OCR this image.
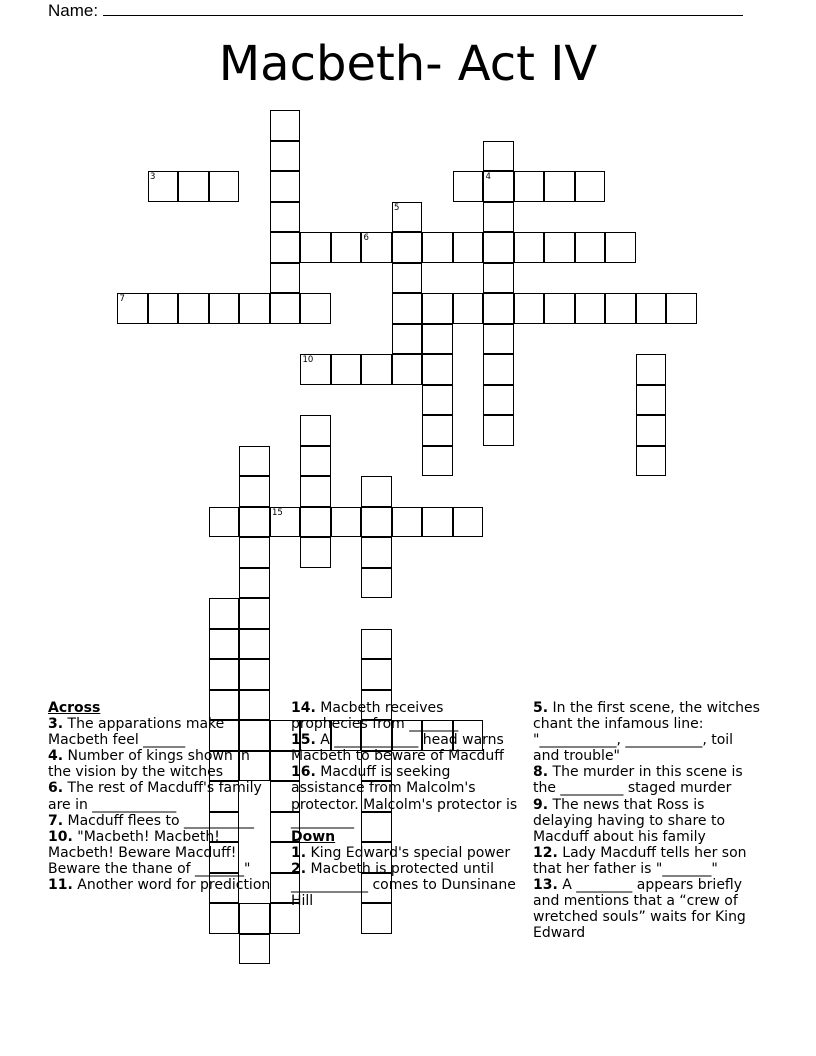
Name:
Macbeth- Act IV
3	4
5
6
7
10
15

Across

3. The apparations make Macbeth feel ______

4. Number of kings shown in the vision by the witches

6. The rest of Macduff's family are in ____________

7. Macduff flees to __________

10. "Macbeth! Macbeth! Macbeth! Beware Macduff! Beware the thane of _______"

11. Another word for prediction

14. Macbeth receives prophecies from _______

15. A ____________ head warns Macbeth to beware of Macduff

16. Macduff is seeking assistance from Malcolm's protector. Malcolm's protector is _________

Down

1. King Edward's special power

2. Macbeth is protected until ___________ comes to Dunsinane Hill

5. In the first scene, the witches chant the infamous line: "___________, ___________, toil and trouble"

8. The murder in this scene is the _________ staged murder

9. The news that Ross is delaying having to share to Macduff about his family

12. Lady Macduff tells her son that her father is "_______"

13. A ________ appears briefly and mentions that a “crew of wretched souls” waits for King Edward
